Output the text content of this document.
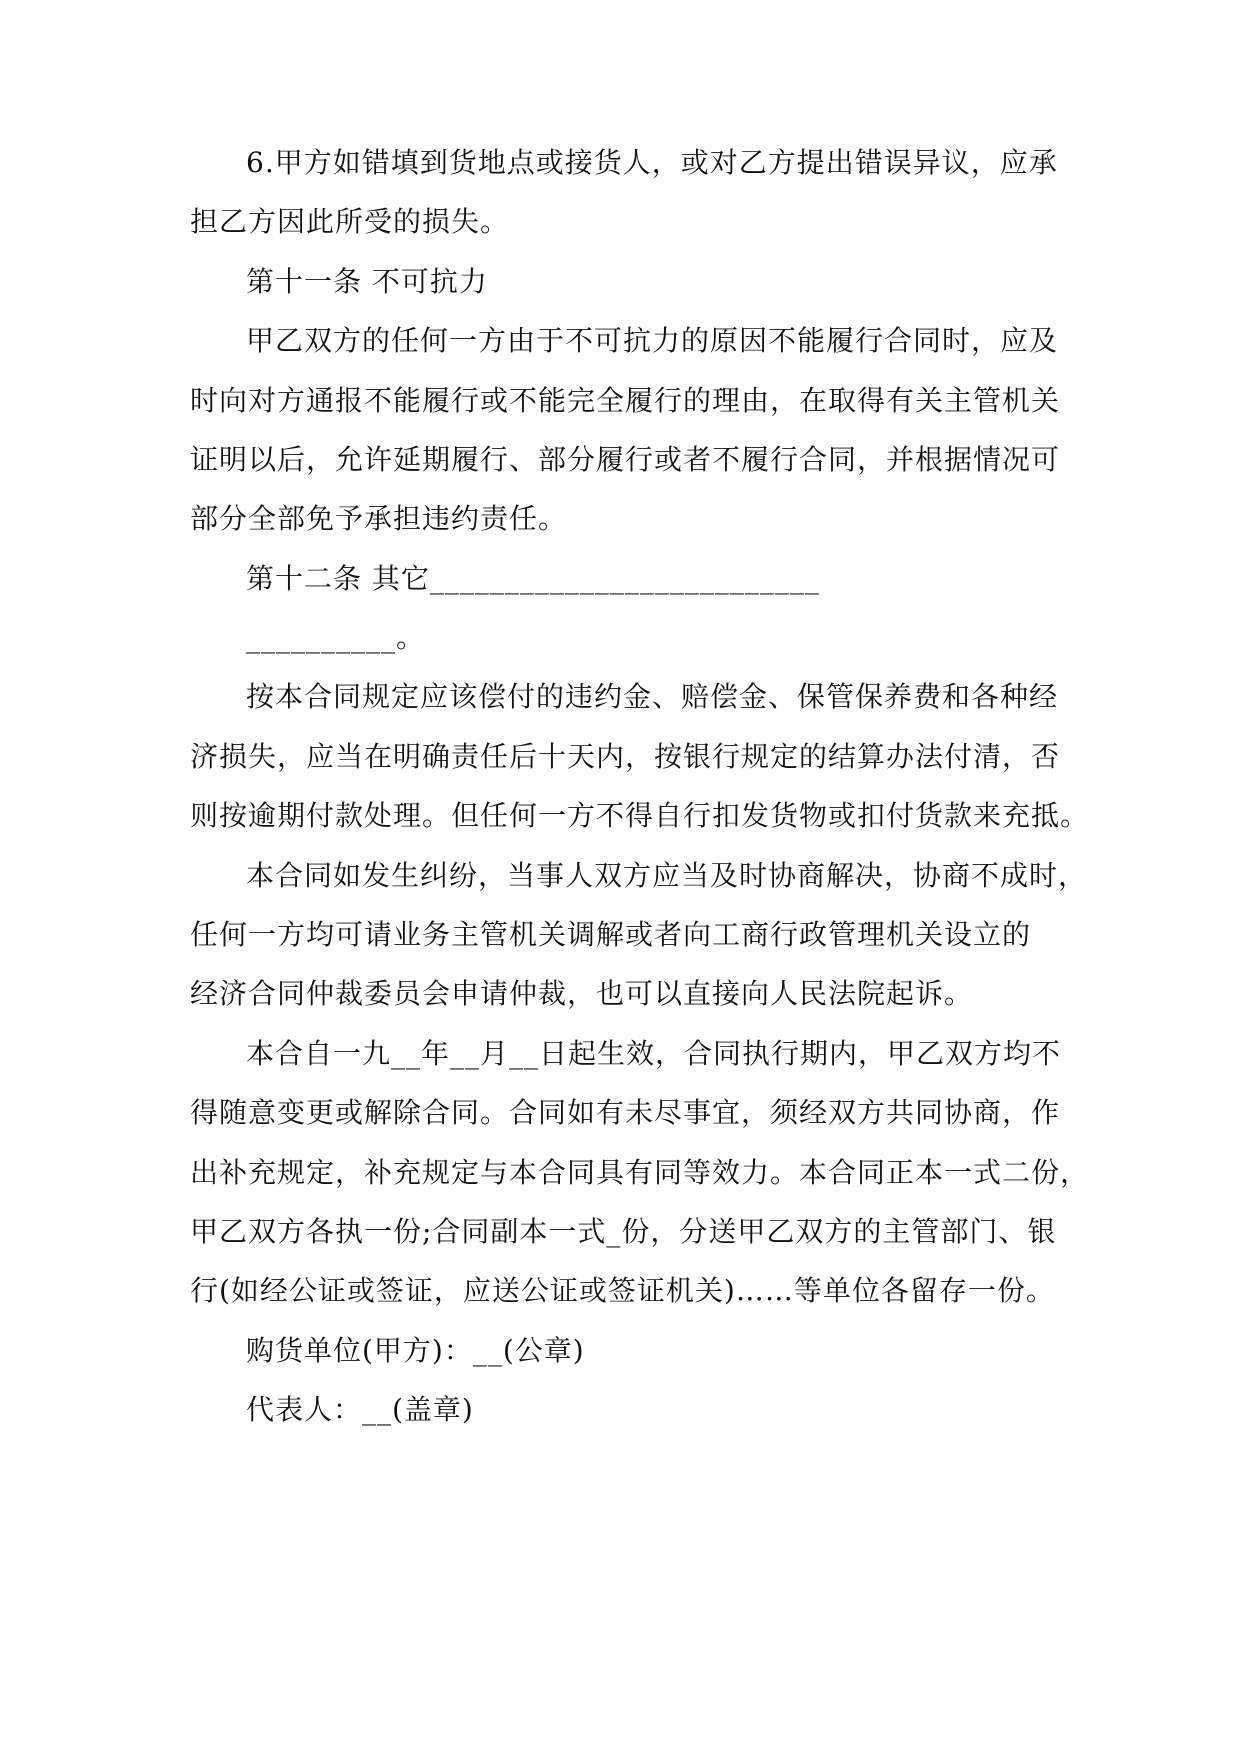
6.甲方如错填到货地点或接货人，或对乙方提出错误异议，应承
担乙方因此所受的损失。
第十一条 不可抗力
甲乙双方的任何一方由于不可抗力的原因不能履行合同时，应及
时向对方通报不能履行或不能完全履行的理由，在取得有关主管机关
证明以后，允许延期履行、部分履行或者不履行合同，并根据情况可
部分全部免予承担违约责任。
第十二条 其它__________________________
__________。
按本合同规定应该偿付的违约金、赔偿金、保管保养费和各种经
济损失，应当在明确责任后十天内，按银行规定的结算办法付清，否
则按逾期付款处理。但任何一方不得自行扣发货物或扣付货款来充抵。
本合同如发生纠纷，当事人双方应当及时协商解决，协商不成时，
任何一方均可请业务主管机关调解或者向工商行政管理机关设立的
经济合同仲裁委员会申请仲裁，也可以直接向人民法院起诉。
本合自一九__年__月__日起生效，合同执行期内，甲乙双方均不
得随意变更或解除合同。合同如有未尽事宜，须经双方共同协商，作
出补充规定，补充规定与本合同具有同等效力。本合同正本一式二份，
甲乙双方各执一份;合同副本一式_份，分送甲乙双方的主管部门、银
行(如经公证或签证，应送公证或签证机关)……等单位各留存一份。
购货单位(甲方)：__(公章)
代表人：__(盖章)
